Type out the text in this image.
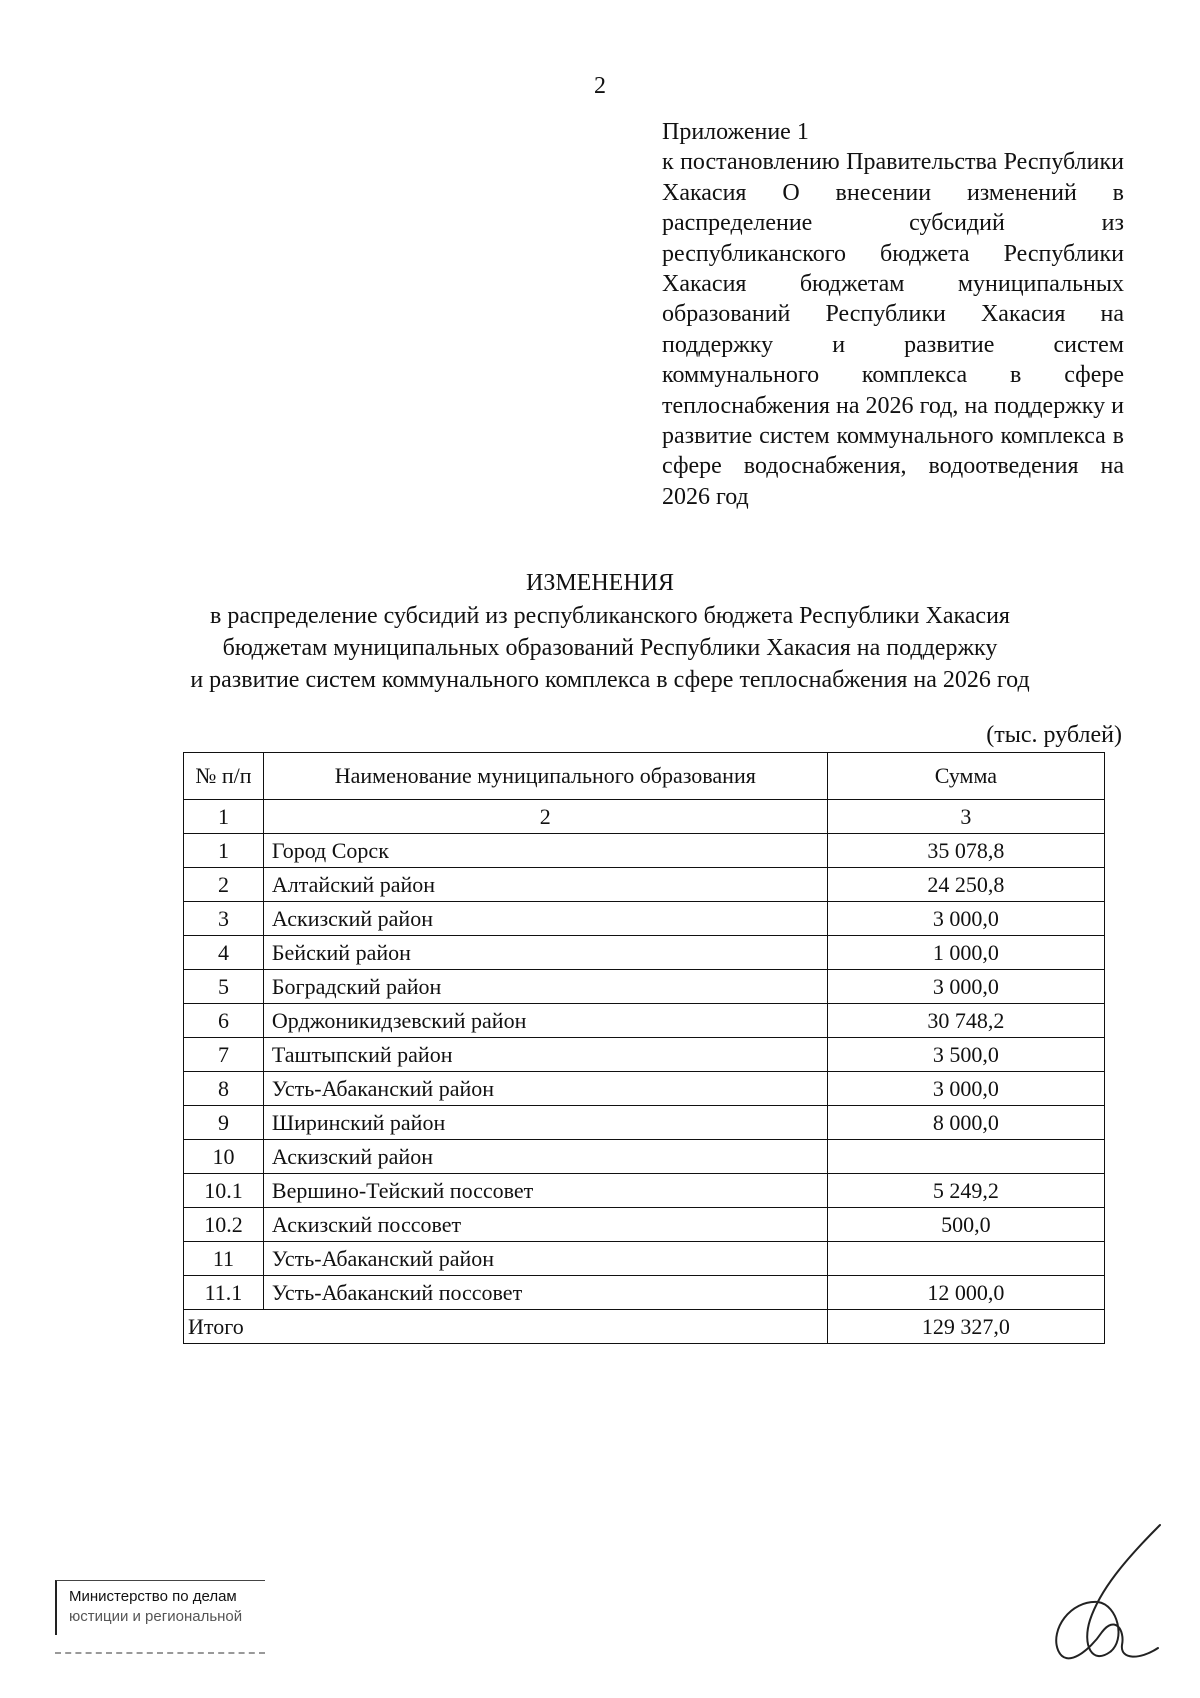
2
Приложение 1
к постановлению Правительства Республики Хакасия О внесении изменений в распределение субсидий из республиканского бюджета Республики Хакасия бюджетам муниципальных образований Республики Хакасия на поддержку и развитие систем коммунального комплекса в сфере теплоснабжения на 2026 год, на поддержку и развитие систем коммунального комплекса в сфере водоснабжения, водоотведения на 2026 год
ИЗМЕНЕНИЯ
в распределение субсидий из республиканского бюджета Республики Хакасия
бюджетам муниципальных образований Республики Хакасия на поддержку
и развитие систем коммунального комплекса в сфере теплоснабжения на 2026 год
(тыс. рублей)
№ п/п	Наименование муниципального образования	Сумма
1	2	3
1	Город Сорск	35 078,8
2	Алтайский район	24 250,8
3	Аскизский район	3 000,0
4	Бейский район	1 000,0
5	Боградский район	3 000,0
6	Орджоникидзевский район	30 748,2
7	Таштыпский район	3 500,0
8	Усть-Абаканский район	3 000,0
9	Ширинский район	8 000,0
10	Аскизский район	
10.1	Вершино-Тейский поссовет	5 249,2
10.2	Аскизский поссовет	500,0
11	Усть-Абаканский район	
11.1	Усть-Абаканский поссовет	12 000,0
Итого		129 327,0
Министерство по делам
юстиции и региональной
